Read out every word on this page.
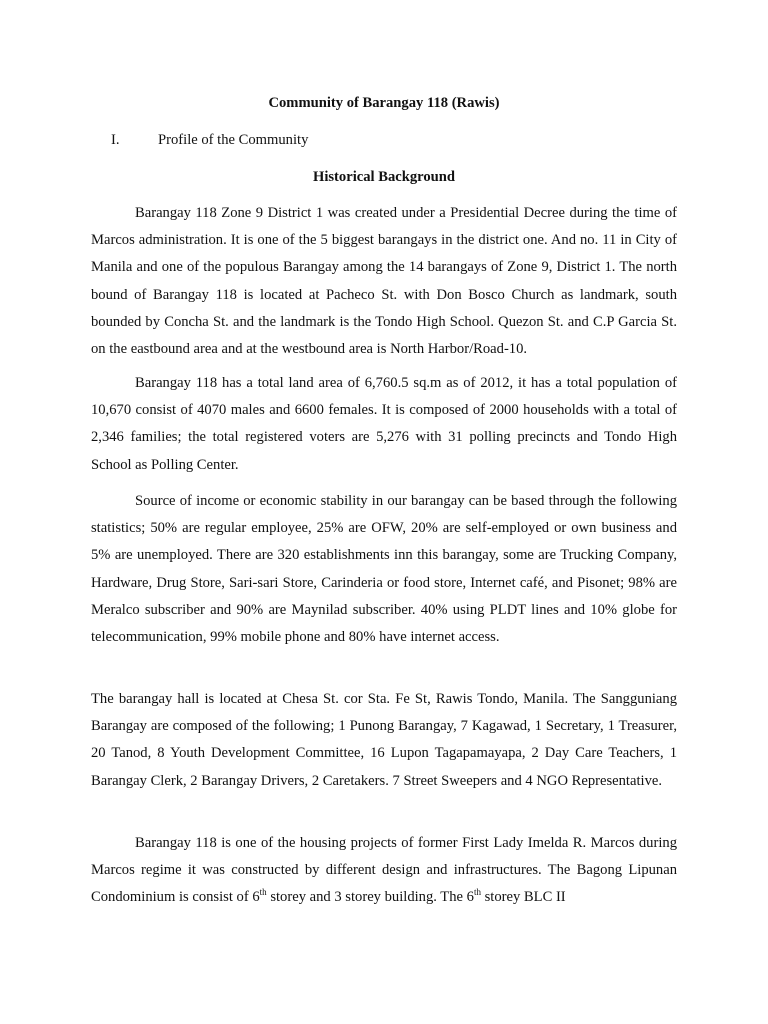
Community of Barangay 118 (Rawis)
I.	Profile of the Community
Historical Background

Barangay 118 Zone 9 District 1 was created under a Presidential Decree during the time of Marcos administration. It is one of the 5 biggest barangays in the district one. And no. 11 in City of Manila and one of the populous Barangay among the 14 barangays of Zone 9, District 1. The north bound of Barangay 118 is located at Pacheco St. with Don Bosco Church as landmark, south bounded by Concha St. and the landmark is the Tondo High School. Quezon St. and C.P Garcia St. on the eastbound area and at the westbound area is North Harbor/Road-10.

Barangay 118 has a total land area of 6,760.5 sq.m as of 2012, it has a total population of 10,670 consist of 4070 males and 6600 females. It is composed of 2000 households with a total of 2,346 families; the total registered voters are 5,276 with 31 polling precincts and Tondo High School as Polling Center.

Source of income or economic stability in our barangay can be based through the following statistics; 50% are regular employee, 25% are OFW, 20% are self-employed or own business and 5% are unemployed. There are 320 establishments inn this barangay, some are Trucking Company, Hardware, Drug Store, Sari-sari Store, Carinderia or food store, Internet café, and Pisonet; 98% are Meralco subscriber and 90% are Maynilad subscriber. 40% using PLDT lines and 10% globe for telecommunication, 99% mobile phone and 80% have internet access.

The barangay hall is located at Chesa St. cor Sta. Fe St, Rawis Tondo, Manila. The Sangguniang Barangay are composed of the following; 1 Punong Barangay, 7 Kagawad, 1 Secretary, 1 Treasurer, 20 Tanod, 8 Youth Development Committee, 16 Lupon Tagapamayapa, 2 Day Care Teachers, 1 Barangay Clerk, 2 Barangay Drivers, 2 Caretakers. 7 Street Sweepers and 4 NGO Representative.

Barangay 118 is one of the housing projects of former First Lady Imelda R. Marcos during Marcos regime it was constructed by different design and infrastructures. The Bagong Lipunan Condominium is consist of 6th storey and 3 storey building. The 6th storey BLC II
